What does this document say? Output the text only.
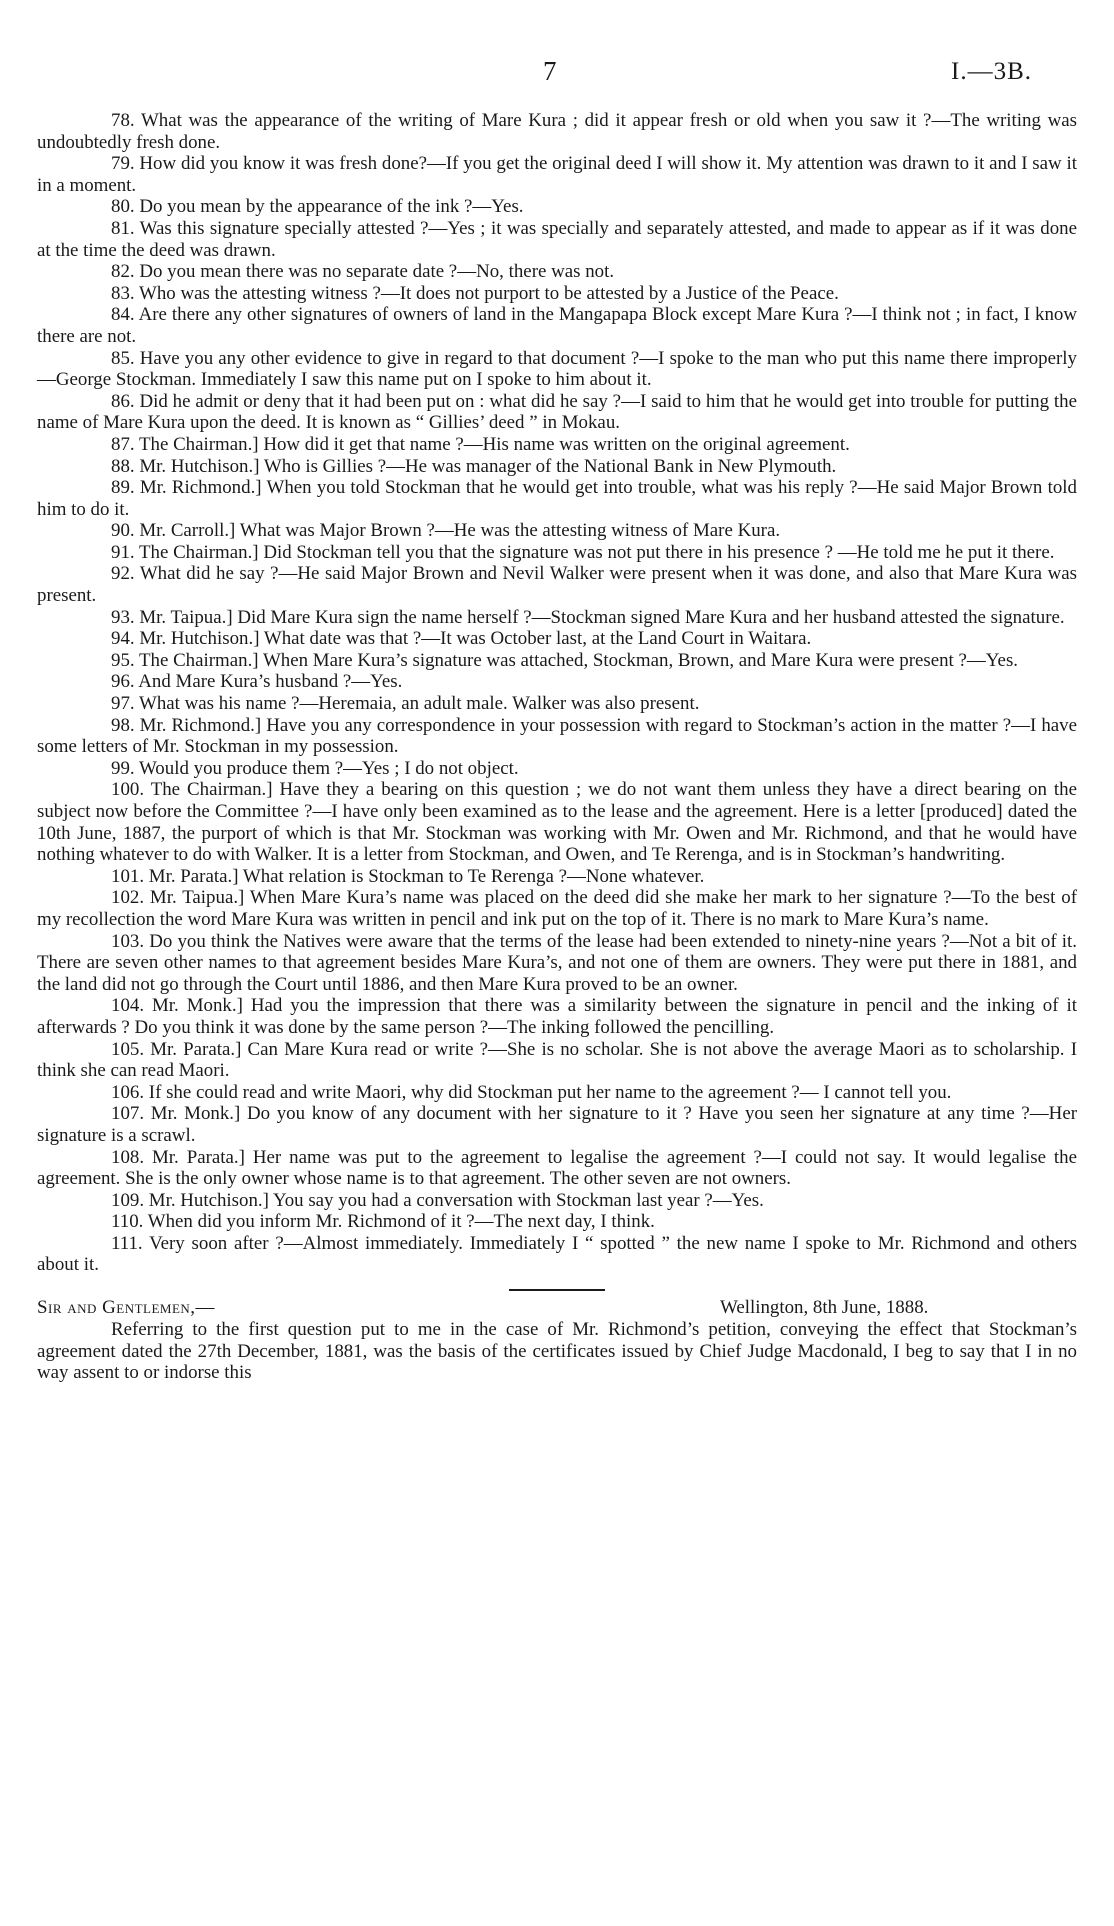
7	I.—3B.

78. What was the appearance of the writing of Mare Kura ; did it appear fresh or old when you saw it ?—The writing was undoubtedly fresh done.

79. How did you know it was fresh done?—If you get the original deed I will show it. My attention was drawn to it and I saw it in a moment.

80. Do you mean by the appearance of the ink ?—Yes.

81. Was this signature specially attested ?—Yes ; it was specially and separately attested, and made to appear as if it was done at the time the deed was drawn.

82. Do you mean there was no separate date ?—No, there was not.

83. Who was the attesting witness ?—It does not purport to be attested by a Justice of the Peace.

84. Are there any other signatures of owners of land in the Mangapapa Block except Mare Kura ?—I think not ; in fact, I know there are not.

85. Have you any other evidence to give in regard to that document ?—I spoke to the man who put this name there improperly—George Stockman. Immediately I saw this name put on I spoke to him about it.

86. Did he admit or deny that it had been put on : what did he say ?—I said to him that he would get into trouble for putting the name of Mare Kura upon the deed. It is known as “ Gillies’ deed ” in Mokau.

87. The Chairman.] How did it get that name ?—His name was written on the original agreement.

88. Mr. Hutchison.] Who is Gillies ?—He was manager of the National Bank in New Plymouth.

89. Mr. Richmond.] When you told Stockman that he would get into trouble, what was his reply ?—He said Major Brown told him to do it.

90. Mr. Carroll.] What was Major Brown ?—He was the attesting witness of Mare Kura.

91. The Chairman.] Did Stockman tell you that the signature was not put there in his presence ? —He told me he put it there.

92. What did he say ?—He said Major Brown and Nevil Walker were present when it was done, and also that Mare Kura was present.

93. Mr. Taipua.] Did Mare Kura sign the name herself ?—Stockman signed Mare Kura and her husband attested the signature.

94. Mr. Hutchison.] What date was that ?—It was October last, at the Land Court in Waitara.

95. The Chairman.] When Mare Kura’s signature was attached, Stockman, Brown, and Mare Kura were present ?—Yes.

96. And Mare Kura’s husband ?—Yes.

97. What was his name ?—Heremaia, an adult male. Walker was also present.

98. Mr. Richmond.] Have you any correspondence in your possession with regard to Stockman’s action in the matter ?—I have some letters of Mr. Stockman in my possession.

99. Would you produce them ?—Yes ; I do not object.

100. The Chairman.] Have they a bearing on this question ; we do not want them unless they have a direct bearing on the subject now before the Committee ?—I have only been examined as to the lease and the agreement. Here is a letter [produced] dated the 10th June, 1887, the purport of which is that Mr. Stockman was working with Mr. Owen and Mr. Richmond, and that he would have nothing whatever to do with Walker. It is a letter from Stockman, and Owen, and Te Rerenga, and is in Stockman’s handwriting.

101. Mr. Parata.] What relation is Stockman to Te Rerenga ?—None whatever.

102. Mr. Taipua.] When Mare Kura’s name was placed on the deed did she make her mark to her signature ?—To the best of my recollection the word Mare Kura was written in pencil and ink put on the top of it. There is no mark to Mare Kura’s name.

103. Do you think the Natives were aware that the terms of the lease had been extended to ninety-nine years ?—Not a bit of it. There are seven other names to that agreement besides Mare Kura’s, and not one of them are owners. They were put there in 1881, and the land did not go through the Court until 1886, and then Mare Kura proved to be an owner.

104. Mr. Monk.] Had you the impression that there was a similarity between the signature in pencil and the inking of it afterwards ? Do you think it was done by the same person ?—The inking followed the pencilling.

105. Mr. Parata.] Can Mare Kura read or write ?—She is no scholar. She is not above the average Maori as to scholarship. I think she can read Maori.

106. If she could read and write Maori, why did Stockman put her name to the agreement ?— I cannot tell you.

107. Mr. Monk.] Do you know of any document with her signature to it ? Have you seen her signature at any time ?—Her signature is a scrawl.

108. Mr. Parata.] Her name was put to the agreement to legalise the agreement ?—I could not say. It would legalise the agreement. She is the only owner whose name is to that agreement. The other seven are not owners.

109. Mr. Hutchison.] You say you had a conversation with Stockman last year ?—Yes.

110. When did you inform Mr. Richmond of it ?—The next day, I think.

111. Very soon after ?—Almost immediately. Immediately I “ spotted ” the new name I spoke to Mr. Richmond and others about it.

Sir and Gentlemen,—	Wellington, 8th June, 1888.

Referring to the first question put to me in the case of Mr. Richmond’s petition, conveying the effect that Stockman’s agreement dated the 27th December, 1881, was the basis of the certificates issued by Chief Judge Macdonald, I beg to say that I in no way assent to or indorse this
